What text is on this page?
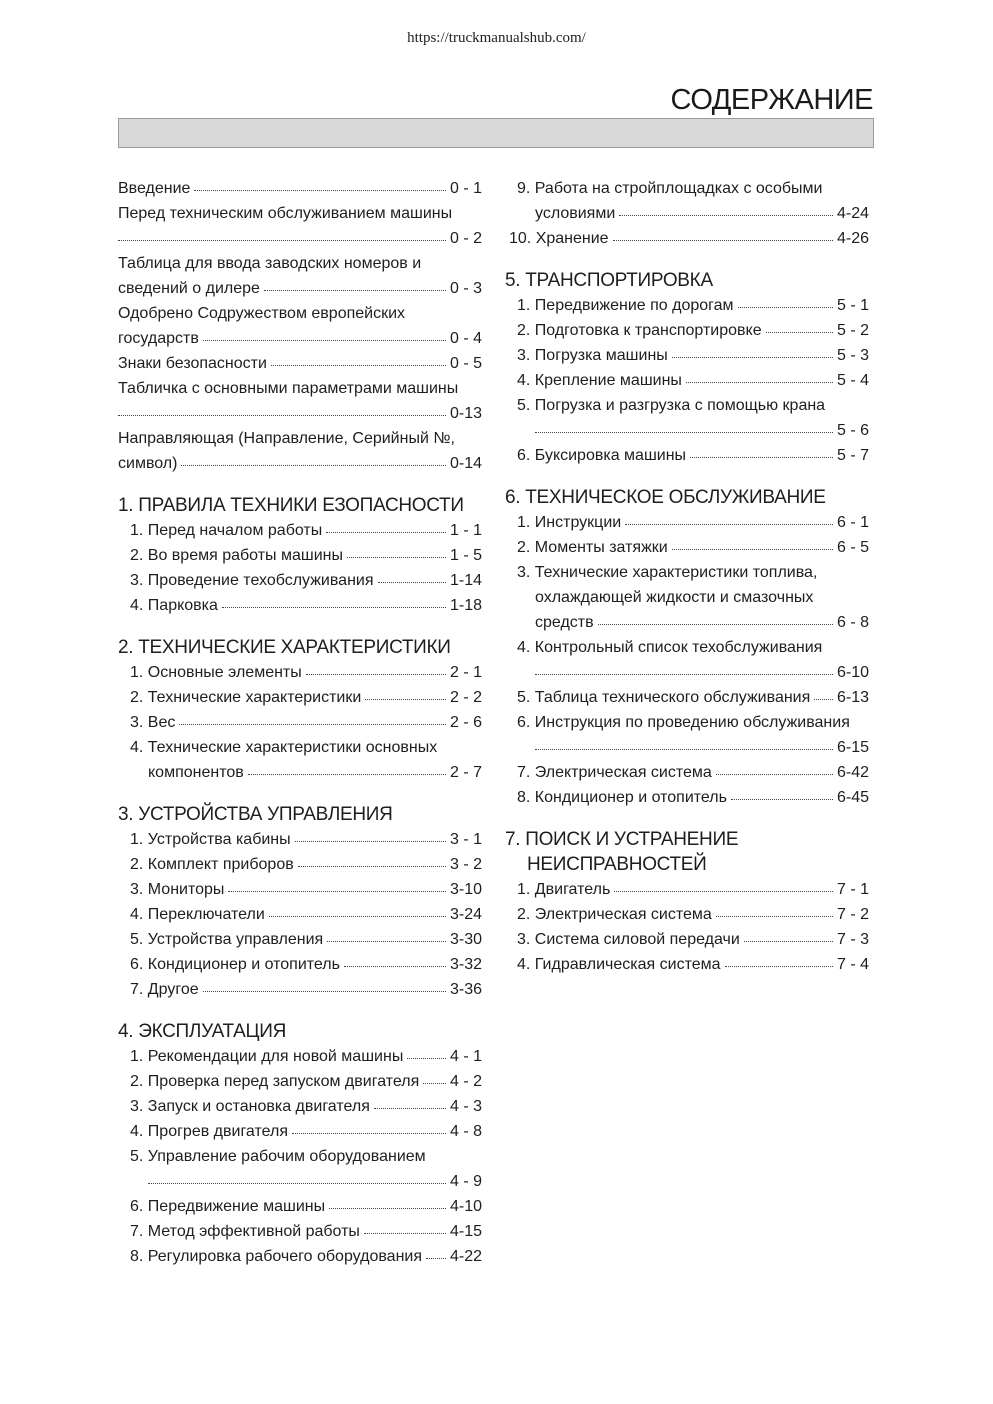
https://truckmanualshub.com/
СОДЕРЖАНИЕ
Введение	0 - 1
Перед техническим обслуживанием машины
0 - 2
Таблица для ввода заводских номеров и
сведений о дилере	0 - 3
Одобрено Содружеством европейских
государств	0 - 4
Знаки безопасности	0 - 5
Табличка с основными параметрами машины
0-13
Направляющая (Направление, Серийный №,
символ)	0-14
1. ПРАВИЛА ТЕХНИКИ ЕЗОПАСНОСТИ
1. Перед началом работы	1 - 1
2. Во время работы машины	1 - 5
3. Проведение техобслуживания	1-14
4. Парковка	1-18
2. ТЕХНИЧЕСКИЕ ХАРАКТЕРИСТИКИ
1. Основные элементы	2 - 1
2. Технические характеристики	2 - 2
3. Вес	2 - 6
4. Технические характеристики основных
компонентов	2 - 7
3. УСТРОЙСТВА УПРАВЛЕНИЯ
1. Устройства кабины	3 - 1
2. Комплект приборов	3 - 2
3. Мониторы	3-10
4. Переключатели	3-24
5. Устройства управления	3-30
6. Кондиционер и отопитель	3-32
7. Другое	3-36
4. ЭКСПЛУАТАЦИЯ
1. Рекомендации для новой машины	4 - 1
2. Проверка перед запуском двигателя 4 - 2
3. Запуск и остановка двигателя	4 - 3
4. Прогрев двигателя	4 - 8
5. Управление рабочим оборудованием
4 - 9
6. Передвижение машины	4-10
7. Метод эффективной работы	4-15
8. Регулировка рабочего оборудования 4-22
9. Работа на стройплощадках с особыми
условиями	4-24
10. Хранение	4-26
5. ТРАНСПОРТИРОВКА
1. Передвижение по дорогам	5 - 1
2. Подготовка к транспортировке	5 - 2
3. Погрузка машины	5 - 3
4. Крепление машины	5 - 4
5. Погрузка и разгрузка с помощью крана
5 - 6
6. Буксировка машины	5 - 7
6. ТЕХНИЧЕСКОЕ ОБСЛУЖИВАНИЕ
1. Инструкции	6 - 1
2. Моменты затяжки	6 - 5
3. Технические характеристики топлива,
охлаждающей жидкости и смазочных
средств	6 - 8
4. Контрольный список техобслуживания
6-10
5. Таблица технического обслуживания 6-13
6. Инструкция по проведению обслуживания
6-15
7. Электрическая система	6-42
8. Кондиционер и отопитель	6-45
7. ПОИСК И УСТРАНЕНИЕ
НЕИСПРАВНОСТЕЙ
1. Двигатель	7 - 1
2. Электрическая система	7 - 2
3. Система силовой передачи	7 - 3
4. Гидравлическая система	7 - 4
